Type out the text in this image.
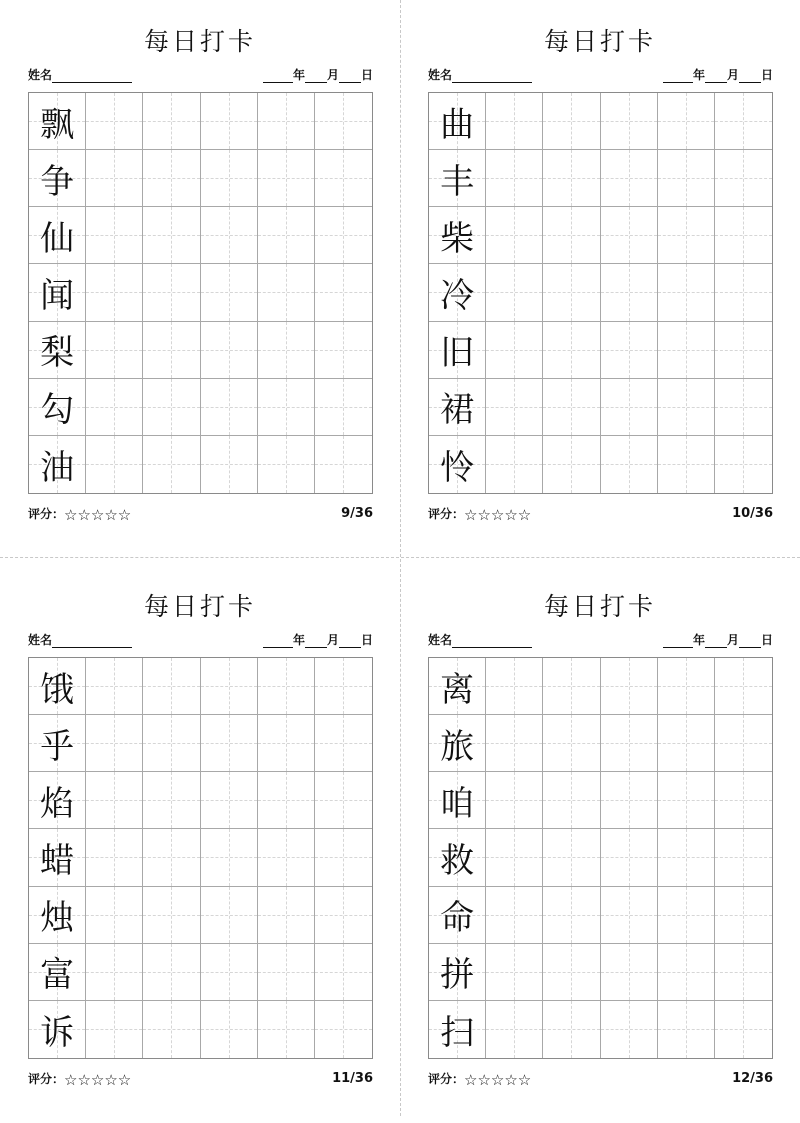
每日打卡
姓名	年 月 日
飘
争
仙
闻
梨
勾
油
评分：☆☆☆☆☆	9/36
每日打卡
姓名	年 月 日
曲
丰
柴
冷
旧
裙
怜
评分：☆☆☆☆☆	10/36
每日打卡
姓名	年 月 日
饿
乎
焰
蜡
烛
富
诉
评分：☆☆☆☆☆	11/36
每日打卡
姓名	年 月 日
离
旅
咱
救
命
拼
扫
评分：☆☆☆☆☆	12/36
